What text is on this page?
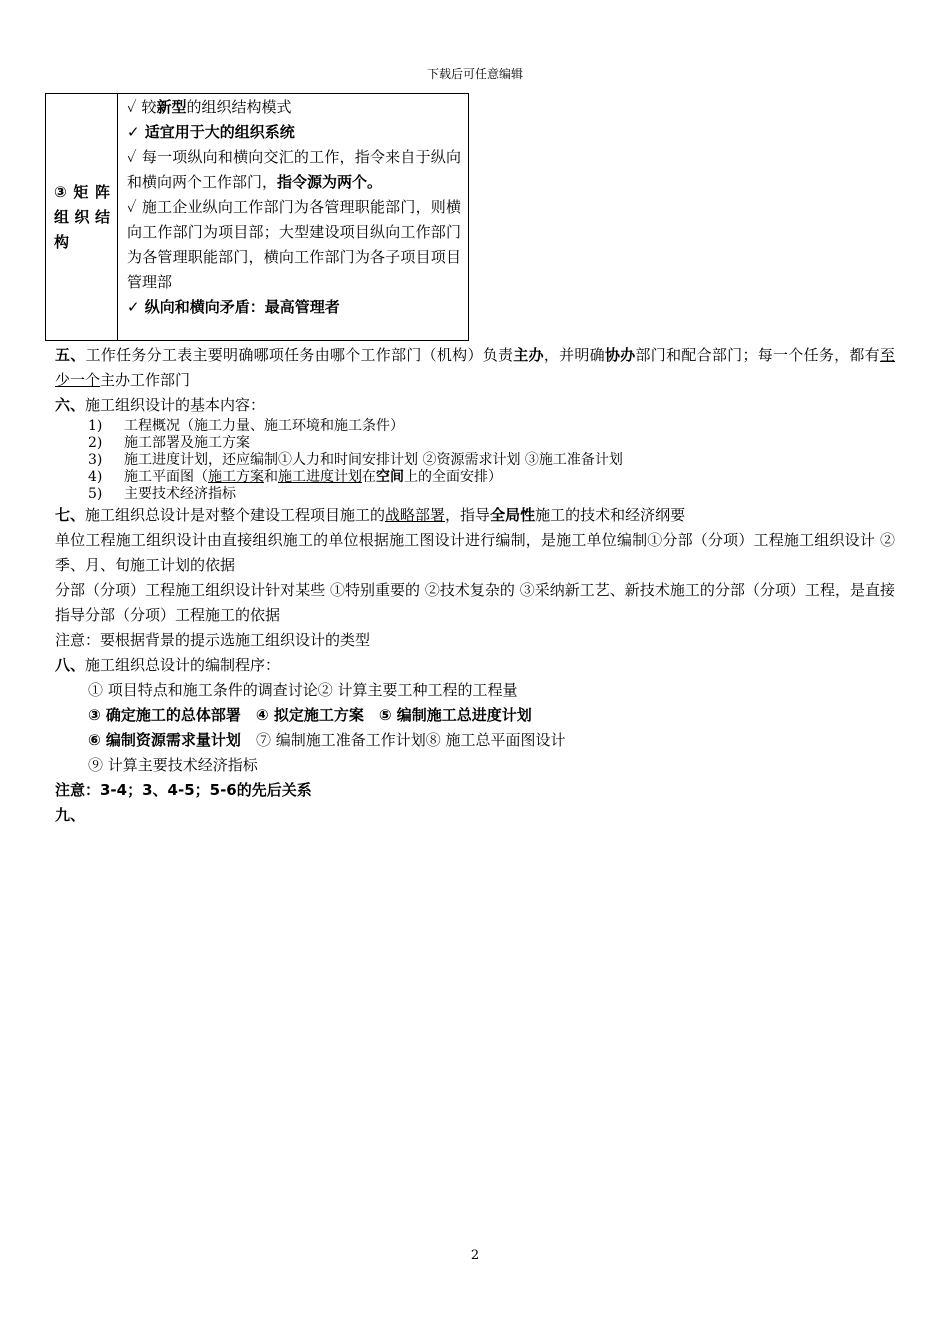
下载后可任意编辑
③矩阵组织结构

✓ 较新型的组织结构模式

✓ 适宜用于大的组织系统

✓ 每一项纵向和横向交汇的工作，指令来自于纵向和横向两个工作部门，指令源为两个。

✓ 施工企业纵向工作部门为各管理职能部门，则横向工作部门为项目部；大型建设项目纵向工作部门为各管理职能部门，横向工作部门为各子项目项目管理部

✓ 纵向和横向矛盾：最高管理者

五、工作任务分工表主要明确哪项任务由哪个工作部门（机构）负责主办，并明确协办部门和配合部门；每一个任务，都有至少一个主办工作部门

六、施工组织设计的基本内容：

1)	工程概况（施工力量、施工环境和施工条件）
2)	施工部署及施工方案
3)	施工进度计划，还应编制①人力和时间安排计划 ②资源需求计划 ③施工准备计划
4)	施工平面图（施工方案和施工进度计划在空间上的全面安排）
5)	主要技术经济指标

七、施工组织总设计是对整个建设工程项目施工的战略部署，指导全局性施工的技术和经济纲要

单位工程施工组织设计由直接组织施工的单位根据施工图设计进行编制，是施工单位编制①分部（分项）工程施工组织设计 ②季、月、旬施工计划的依据

分部（分项）工程施工组织设计针对某些 ①特别重要的 ②技术复杂的 ③采纳新工艺、新技术施工的分部（分项）工程，是直接指导分部（分项）工程施工的依据

注意：要根据背景的提示选施工组织设计的类型

八、施工组织总设计的编制程序：

① 项目特点和施工条件的调查讨论② 计算主要工种工程的工程量

③ 确定施工的总体部署　④ 拟定施工方案　⑤ 编制施工总进度计划

⑥ 编制资源需求量计划　⑦ 编制施工准备工作计划⑧ 施工总平面图设计

⑨ 计算主要技术经济指标

注意：3-4；3、4-5；5-6的先后关系

九、

2
